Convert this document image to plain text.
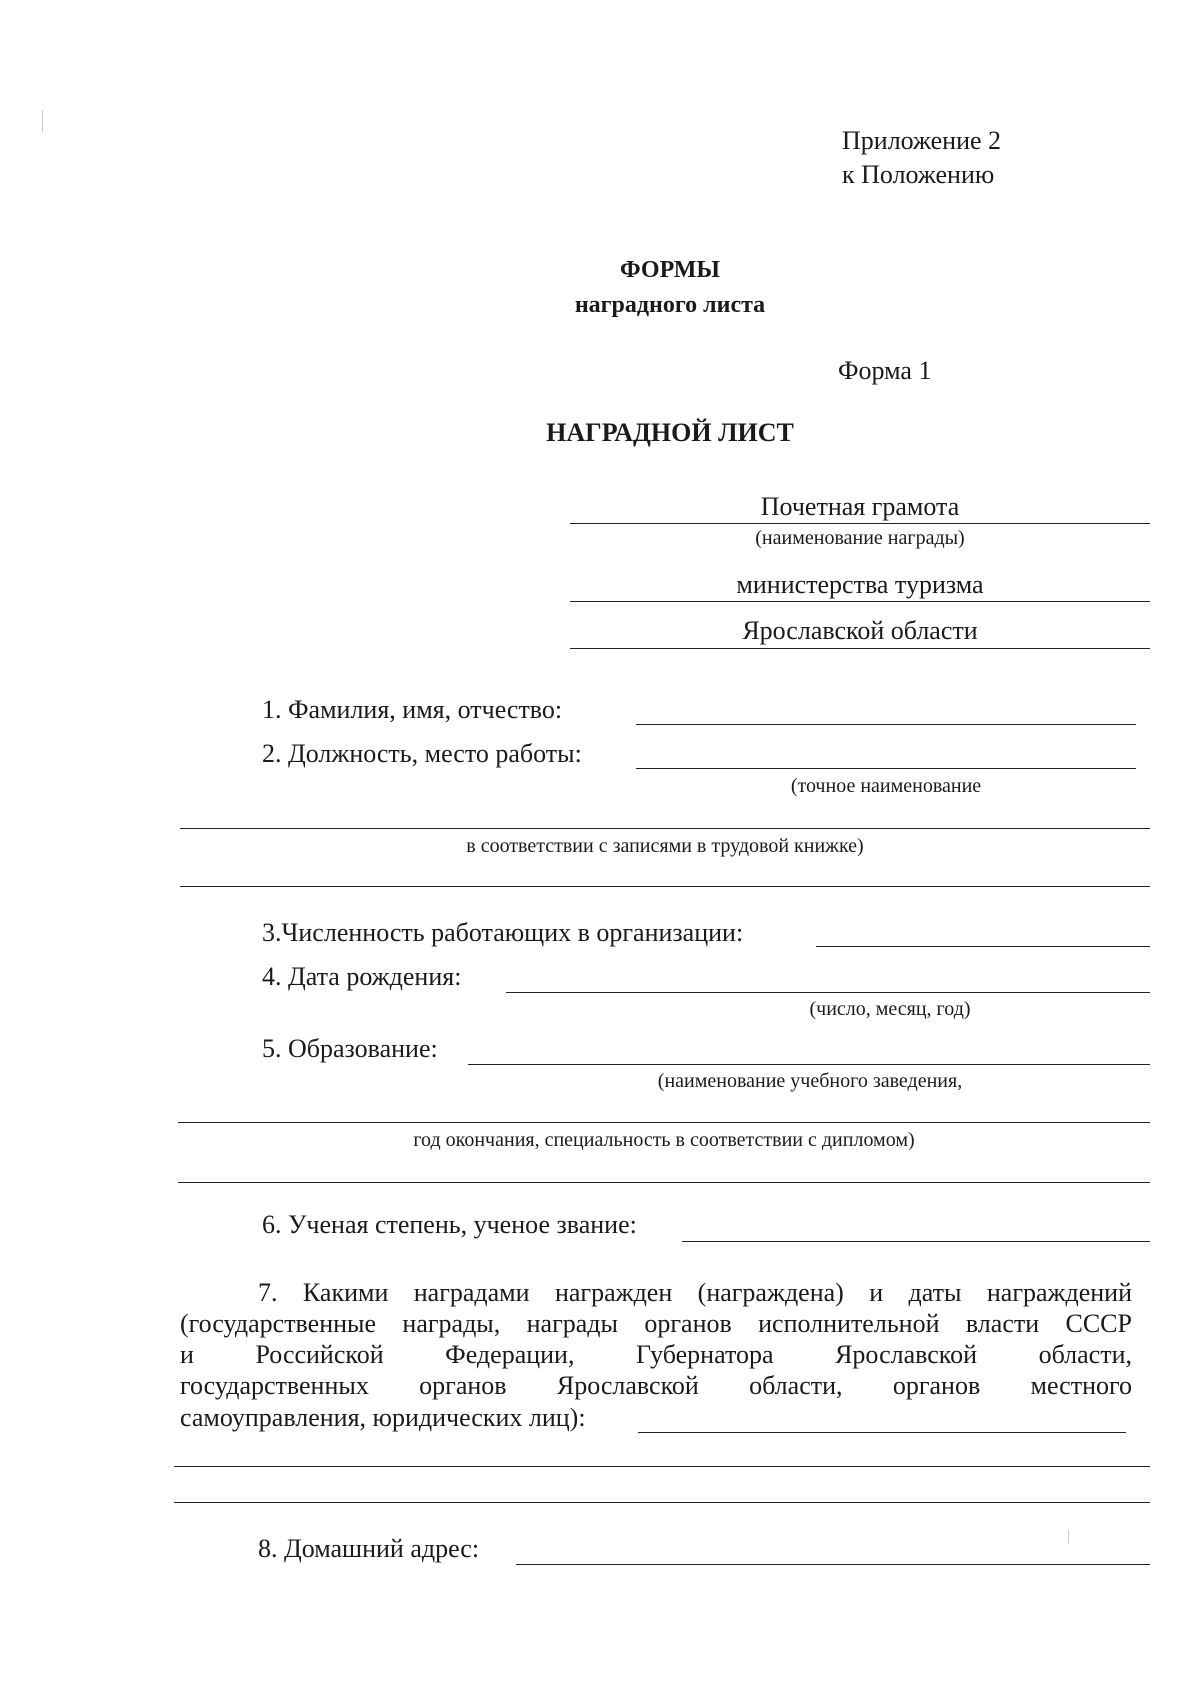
Приложение 2
к Положению
ФОРМЫ
наградного листа
Форма 1
НАГРАДНОЙ ЛИСТ
Почетная грамота
(наименование награды)
министерства туризма
Ярославской области
1. Фамилия, имя, отчество:
2. Должность, место работы:
(точное наименование
в соответствии с записями в трудовой книжке)
3.Численность работающих в организации:
4. Дата рождения:
(число, месяц, год)
5. Образование:
(наименование учебного заведения,
год окончания, специальность в соответствии с дипломом)
6. Ученая степень, ученое звание:
7. Какими наградами награжден (награждена) и даты награждений
(государственные награды, награды органов исполнительной власти СССР
и Российской Федерации, Губернатора Ярославской области,
государственных органов Ярославской области, органов местного
самоуправления, юридических лиц):
8. Домашний адрес:
